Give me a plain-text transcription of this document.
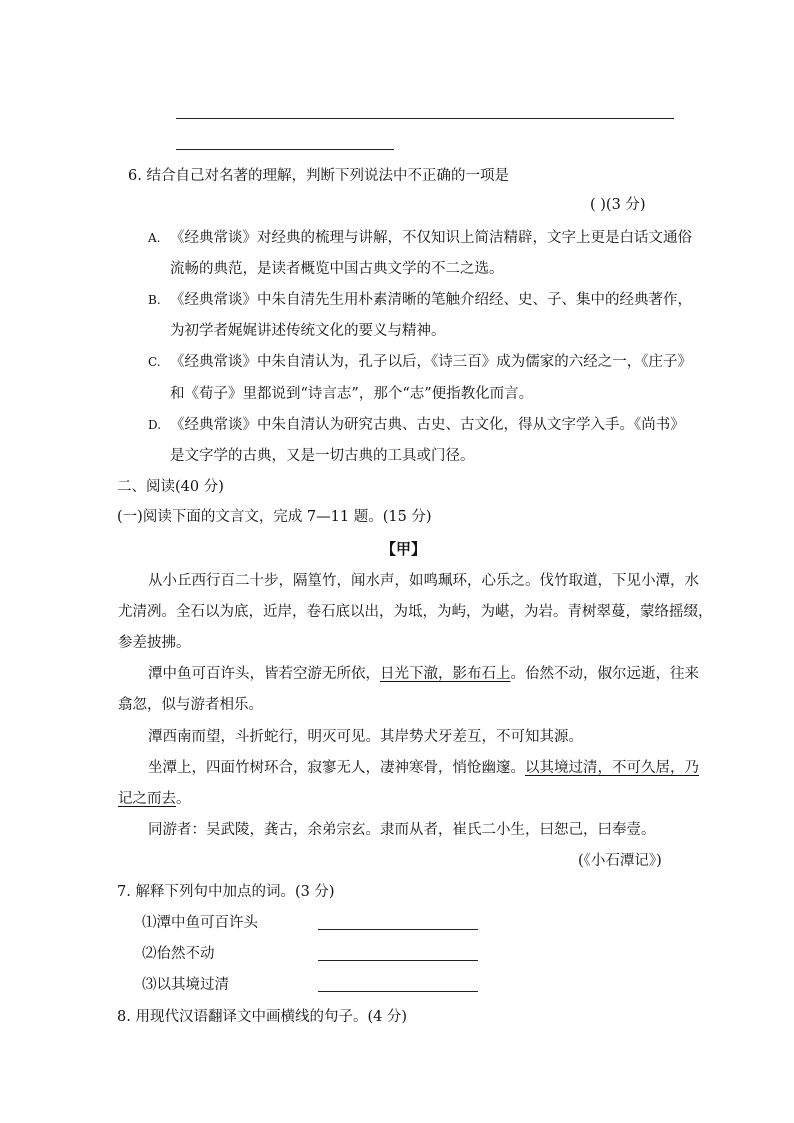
6. 结合自己对名著的理解，判断下列说法中不正确的一项是
( )(3 分)
A. 《经典常谈》对经典的梳理与讲解，不仅知识上简洁精辟，文字上更是白话文通俗
流畅的典范，是读者概览中国古典文学的不二之选。
B. 《经典常谈》中朱自清先生用朴素清晰的笔触介绍经、史、子、集中的经典著作，
为初学者娓娓讲述传统文化的要义与精神。
C. 《经典常谈》中朱自清认为，孔子以后，《诗三百》成为儒家的六经之一，《庄子》
和《荀子》里都说到“诗言志”，那个“志”便指教化而言。
D. 《经典常谈》中朱自清认为研究古典、古史、古文化，得从文字学入手。《尚书》
是文字学的古典，又是一切古典的工具或门径。
二、阅读(40 分)
(一)阅读下面的文言文，完成 7—11 题。(15 分)
【甲】
从小丘西行百二十步，隔篁竹，闻水声，如鸣珮环，心乐之。伐竹取道，下见小潭，水
尤清冽。全石以为底，近岸，卷石底以出，为坻，为屿，为嵁，为岩。青树翠蔓，蒙络摇缀，
参差披拂。
潭中鱼可百许头，皆若空游无所依，日光下澈，影布石上。佁然不动，俶尔远逝，往来
翕忽，似与游者相乐。
潭西南而望，斗折蛇行，明灭可见。其岸势犬牙差互，不可知其源。
坐潭上，四面竹树环合，寂寥无人，凄神寒骨，悄怆幽邃。以其境过清，不可久居，乃
记之而去。
同游者：吴武陵，龚古，余弟宗玄。隶而从者，崔氏二小生，曰恕己，曰奉壹。
(《小石潭记》)
7. 解释下列句中加点的词。(3 分)
⑴潭中鱼可百许头
⑵佁然不动
⑶以其境过清
8. 用现代汉语翻译文中画横线的句子。(4 分)
